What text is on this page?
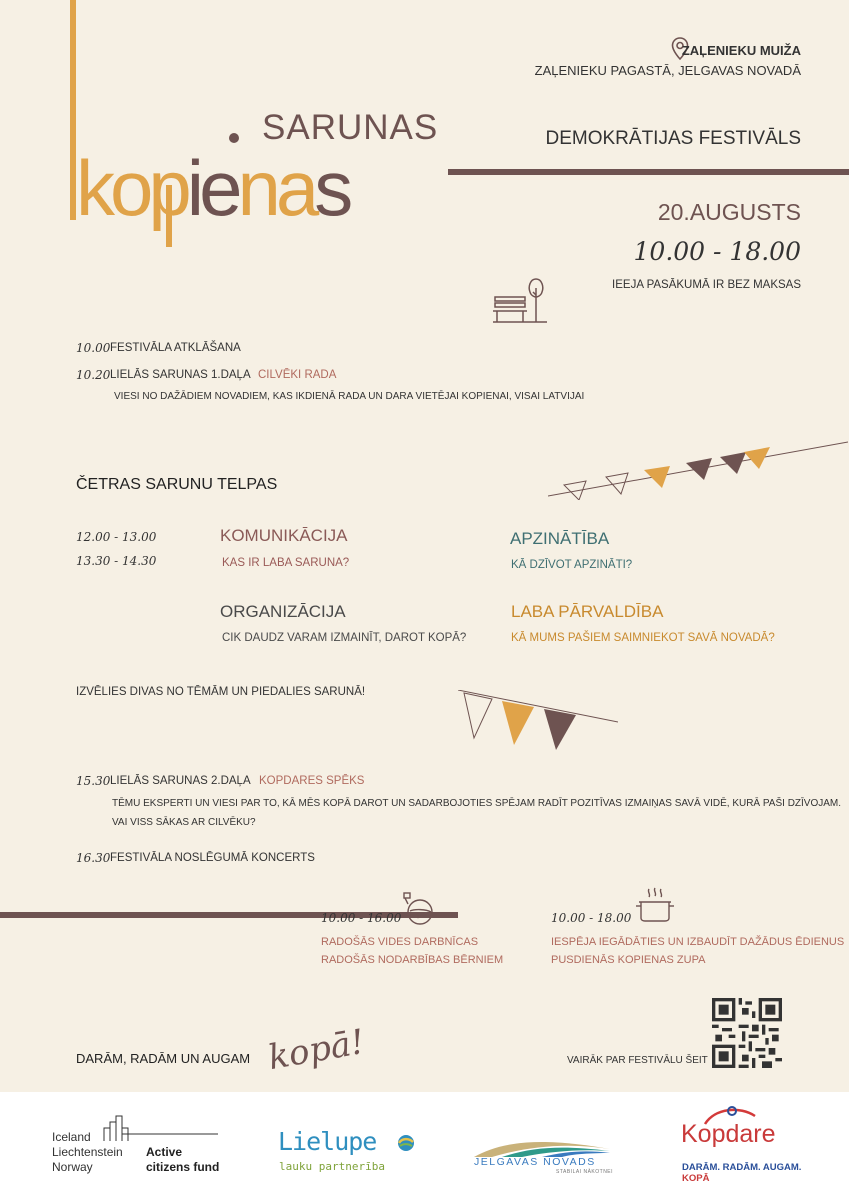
SARUNAS
kopienas
ZAĻENIEKU MUIŽA
ZAĻENIEKU PAGASTĀ, JELGAVAS NOVADĀ
DEMOKRĀTIJAS FESTIVĀLS
20.AUGUSTS
10.00 - 18.00
IEEJA PASĀKUMĀ IR BEZ MAKSAS
10.00 FESTIVĀLA ATKLĀŠANA
10.20 LIELĀS SARUNAS 1.DAĻA CILVĒKI RADA
VIESI NO DAŽĀDIEM NOVADIEM, KAS IKDIENĀ RADA UN DARA VIETĒJAI KOPIENAI, VISAI LATVIJAI
ČETRAS SARUNU TELPAS
12.00 - 13.00
13.30 - 14.30
KOMUNIKĀCIJA
KAS IR LABA SARUNA?
APZINĀTĪBA
KĀ DZĪVOT APZINĀTI?
ORGANIZĀCIJA
CIK DAUDZ VARAM IZMAINĪT, DAROT KOPĀ?
LABA PĀRVALDĪBA
KĀ MUMS PAŠIEM SAIMNIEKOT SAVĀ NOVADĀ?
IZVĒLIES DIVAS NO TĒMĀM UN PIEDALIES SARUNĀ!
15.30 LIELĀS SARUNAS 2.DAĻA KOPDARES SPĒKS
TĒMU EKSPERTI UN VIESI PAR TO, KĀ MĒS KOPĀ DAROT UN SADARBOJOTIES SPĒJAM RADĪT POZITĪVAS IZMAIŅAS SAVĀ VIDĒ, KURĀ PAŠI DZĪVOJAM.
VAI VISS SĀKAS AR CILVĒKU?
16.30 FESTIVĀLA NOSLĒGUMĀ KONCERTS
10.00 - 16.00
RADOŠĀS VIDES DARBNĪCAS
RADOŠĀS NODARBĪBAS BĒRNIEM
10.00 - 18.00
IESPĒJA IEGĀDĀTIES UN IZBAUDĪT DAŽĀDUS ĒDIENUS
PUSDIENĀS KOPIENAS ZUPA
DARĀM, RADĀM UN AUGAM kopā!	VAIRĀK PAR FESTIVĀLU ŠEIT
Iceland
Liechtenstein
Norway
Active
citizens fund
Lielupe
lauku partnerība	JELGAVAS NOVADS
STABILAI NĀKOTNEI
Kopdare
DARĀM. RADĀM. AUGAM.
KOPĀ
